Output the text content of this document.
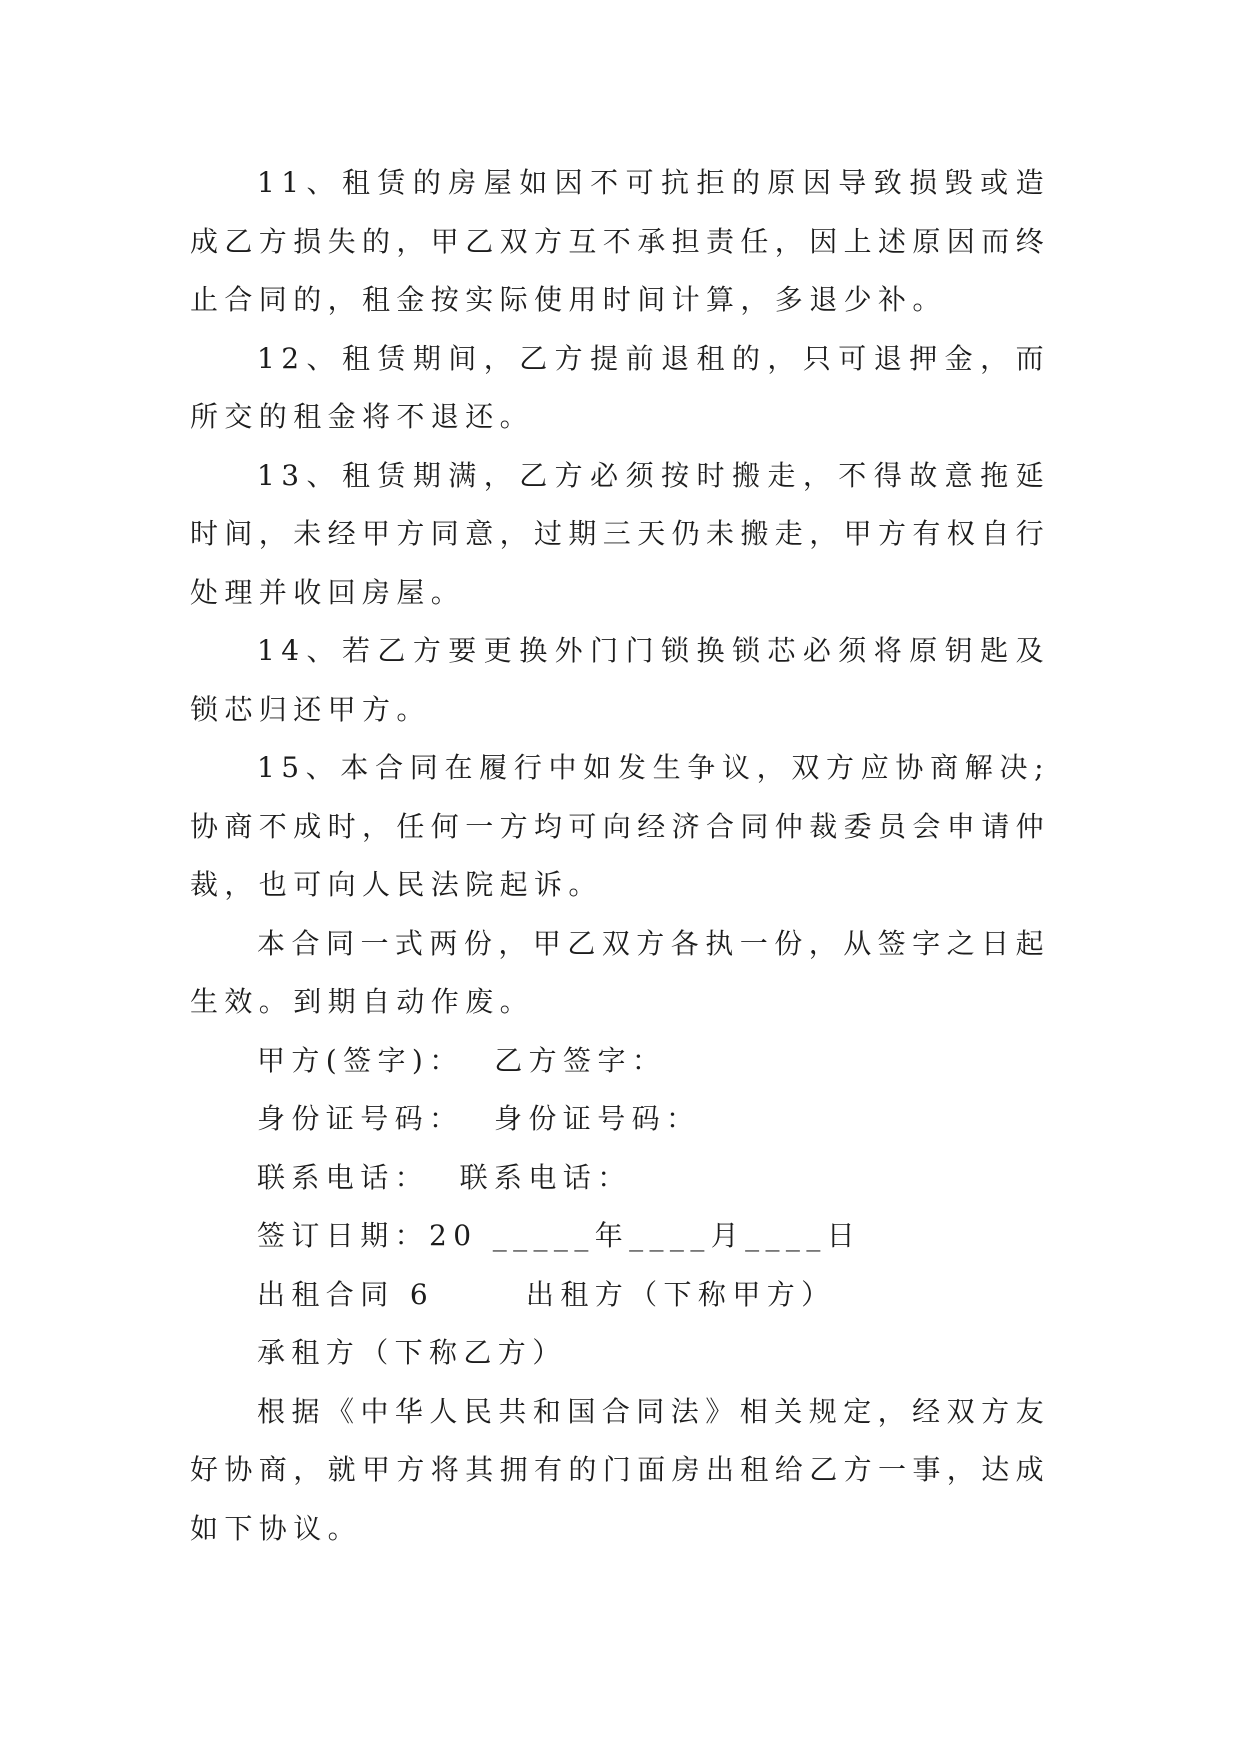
11、租赁的房屋如因不可抗拒的原因导致损毁或造成乙方损失的，甲乙双方互不承担责任，因上述原因而终止合同的，租金按实际使用时间计算，多退少补。

12、租赁期间，乙方提前退租的，只可退押金，而所交的租金将不退还。

13、租赁期满，乙方必须按时搬走，不得故意拖延时间，未经甲方同意，过期三天仍未搬走，甲方有权自行处理并收回房屋。

14、若乙方要更换外门门锁换锁芯必须将原钥匙及锁芯归还甲方。

15、本合同在履行中如发生争议，双方应协商解决;协商不成时，任何一方均可向经济合同仲裁委员会申请仲裁，也可向人民法院起诉。

本合同一式两份，甲乙双方各执一份，从签字之日起生效。到期自动作废。

甲方(签字)：  乙方签字：

身份证号码：  身份证号码：

联系电话：  联系电话：

签订日期：20 _____年____月____日

出租合同 6      出租方（下称甲方）

承租方（下称乙方）

根据《中华人民共和国合同法》相关规定，经双方友好协商，就甲方将其拥有的门面房出租给乙方一事，达成如下协议。
